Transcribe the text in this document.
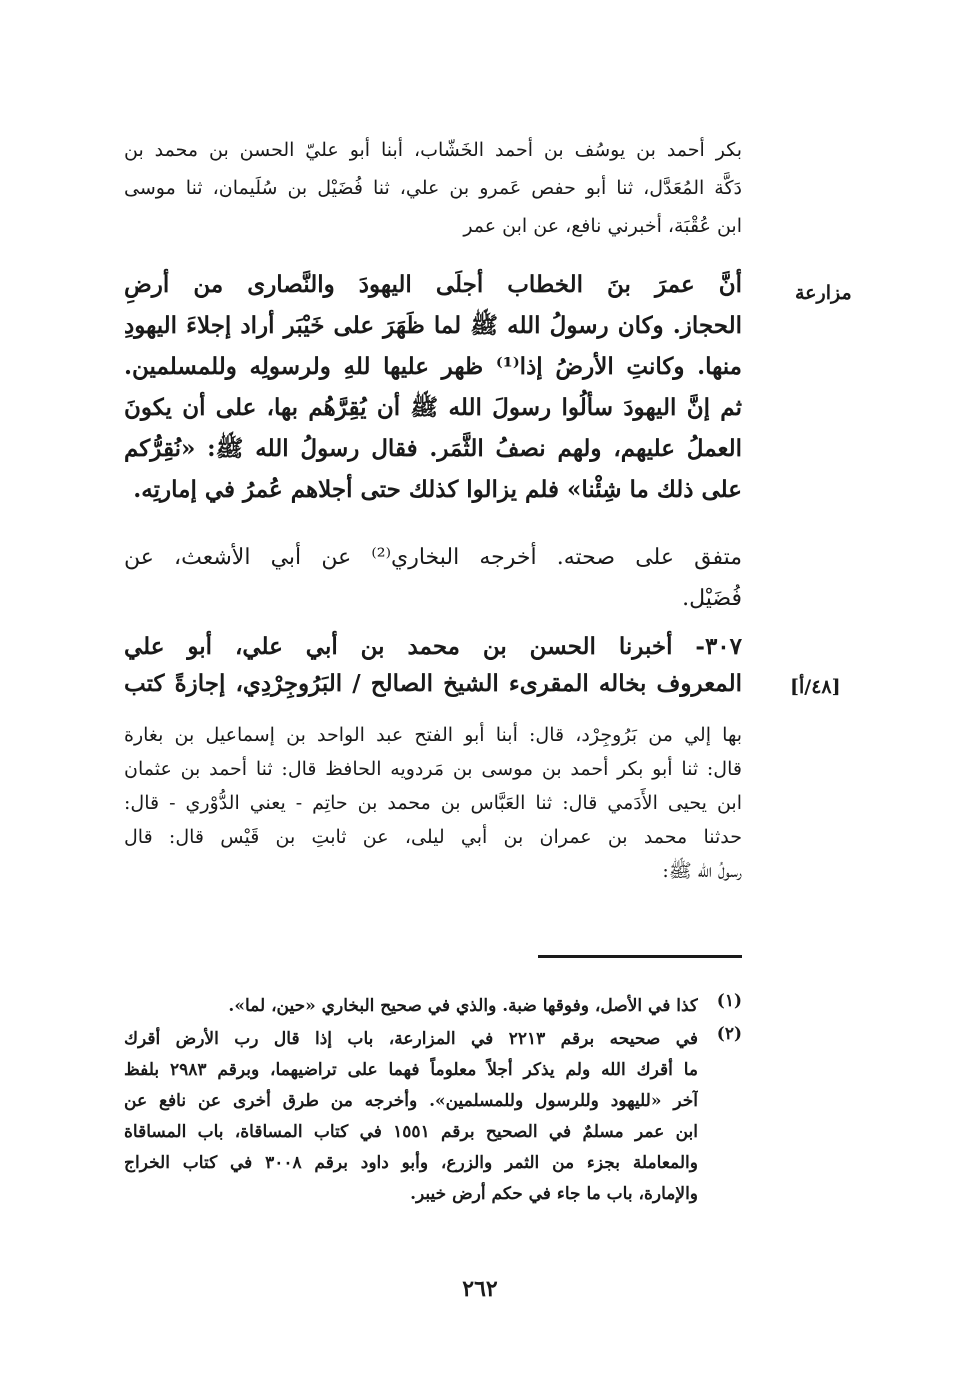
بكر أحمد بن يوسُف بن أحمد الخَشّاب، أبنا أبو عليّ الحسن بن محمد بن
دَكَّة المُعَدَّل، ثنا أبو حفص عَمرو بن علي، ثنا فُضَيْل بن سُلَيمان، ثنا موسى
ابن عُقْبَة، أخبرني نافع، عن ابن عمر
مزارعة
أنَّ عمرَ بنَ الخطاب أجلَى اليهودَ والنَّصارى من أرضِ
الحجاز. وكان رسولُ الله ﷺ لما ظَهَرَ على خَيْبَر أراد إجلاءَ اليهودِ
منها. وكانتِ الأرضُ إذا⁽¹⁾ ظهر عليها للهِ ولرسولِه وللمسلمين.
ثم إنَّ اليهودَ سألُوا رسولَ الله ﷺ أن يُقِرَّهُم بها، على أن يكونَ
العملُ عليهم، ولهم نصفُ الثَّمَر. فقال رسولُ الله ﷺ: «نُقِرُّكم
على ذلك ما شِئْنا» فلم يزالوا كذلك حتى أجلاهم عُمرُ في إمارتِه.
متفق على صحته. أخرجه البخاري⁽²⁾ عن أبي الأشعث، عن
فُضَيْل.
٣٠٧- أخبرنا الحسن بن محمد بن أبي علي، أبو علي
المعروف بخاله المقرىء الشيخ الصالح / البَرُوجِرْدِي، إجازةً كتب	[٤٨/أ]
بها إلي من بَرُوجِرْد، قال: أبنا أبو الفتح عبد الواحد بن إسماعيل بن بغارة
قال: ثنا أبو بكر أحمد بن موسى بن مَردويه الحافظ قال: ثنا أحمد بن عثمان
ابن يحيى الأَدَمي قال: ثنا العَبَّاس بن محمد بن حاتِم - يعني الدُّوْري - قال:
حدثنا محمد بن عمران بن أبي ليلى، عن ثابتِ بن قَيْس قال: قال
رسولُ الله ﷺ:
(١)
كذا في الأصل، وفوقها ضبة. والذي في صحيح البخاري «حين، لما».
(٢)
في صحيحه برقم ٢٢١٣ في المزارعة، باب إذا قال رب الأرض أقرك
ما أقرك الله ولم يذكر أجلاً معلوماً فهما على تراضيهما، وبرقم ٢٩٨٣ بلفظ
آخر «لليهود وللرسول وللمسلمين». وأخرجه من طرق أخرى عن نافع عن
ابن عمر مسلمٌ في الصحيح برقم ١٥٥١ في كتاب المساقاة، باب المساقاة
والمعاملة بجزء من الثمر والزرع، وأبو داود برقم ٣٠٠٨ في كتاب الخراج
والإمارة، باب ما جاء في حكم أرض خيبر.
٢٦٢
